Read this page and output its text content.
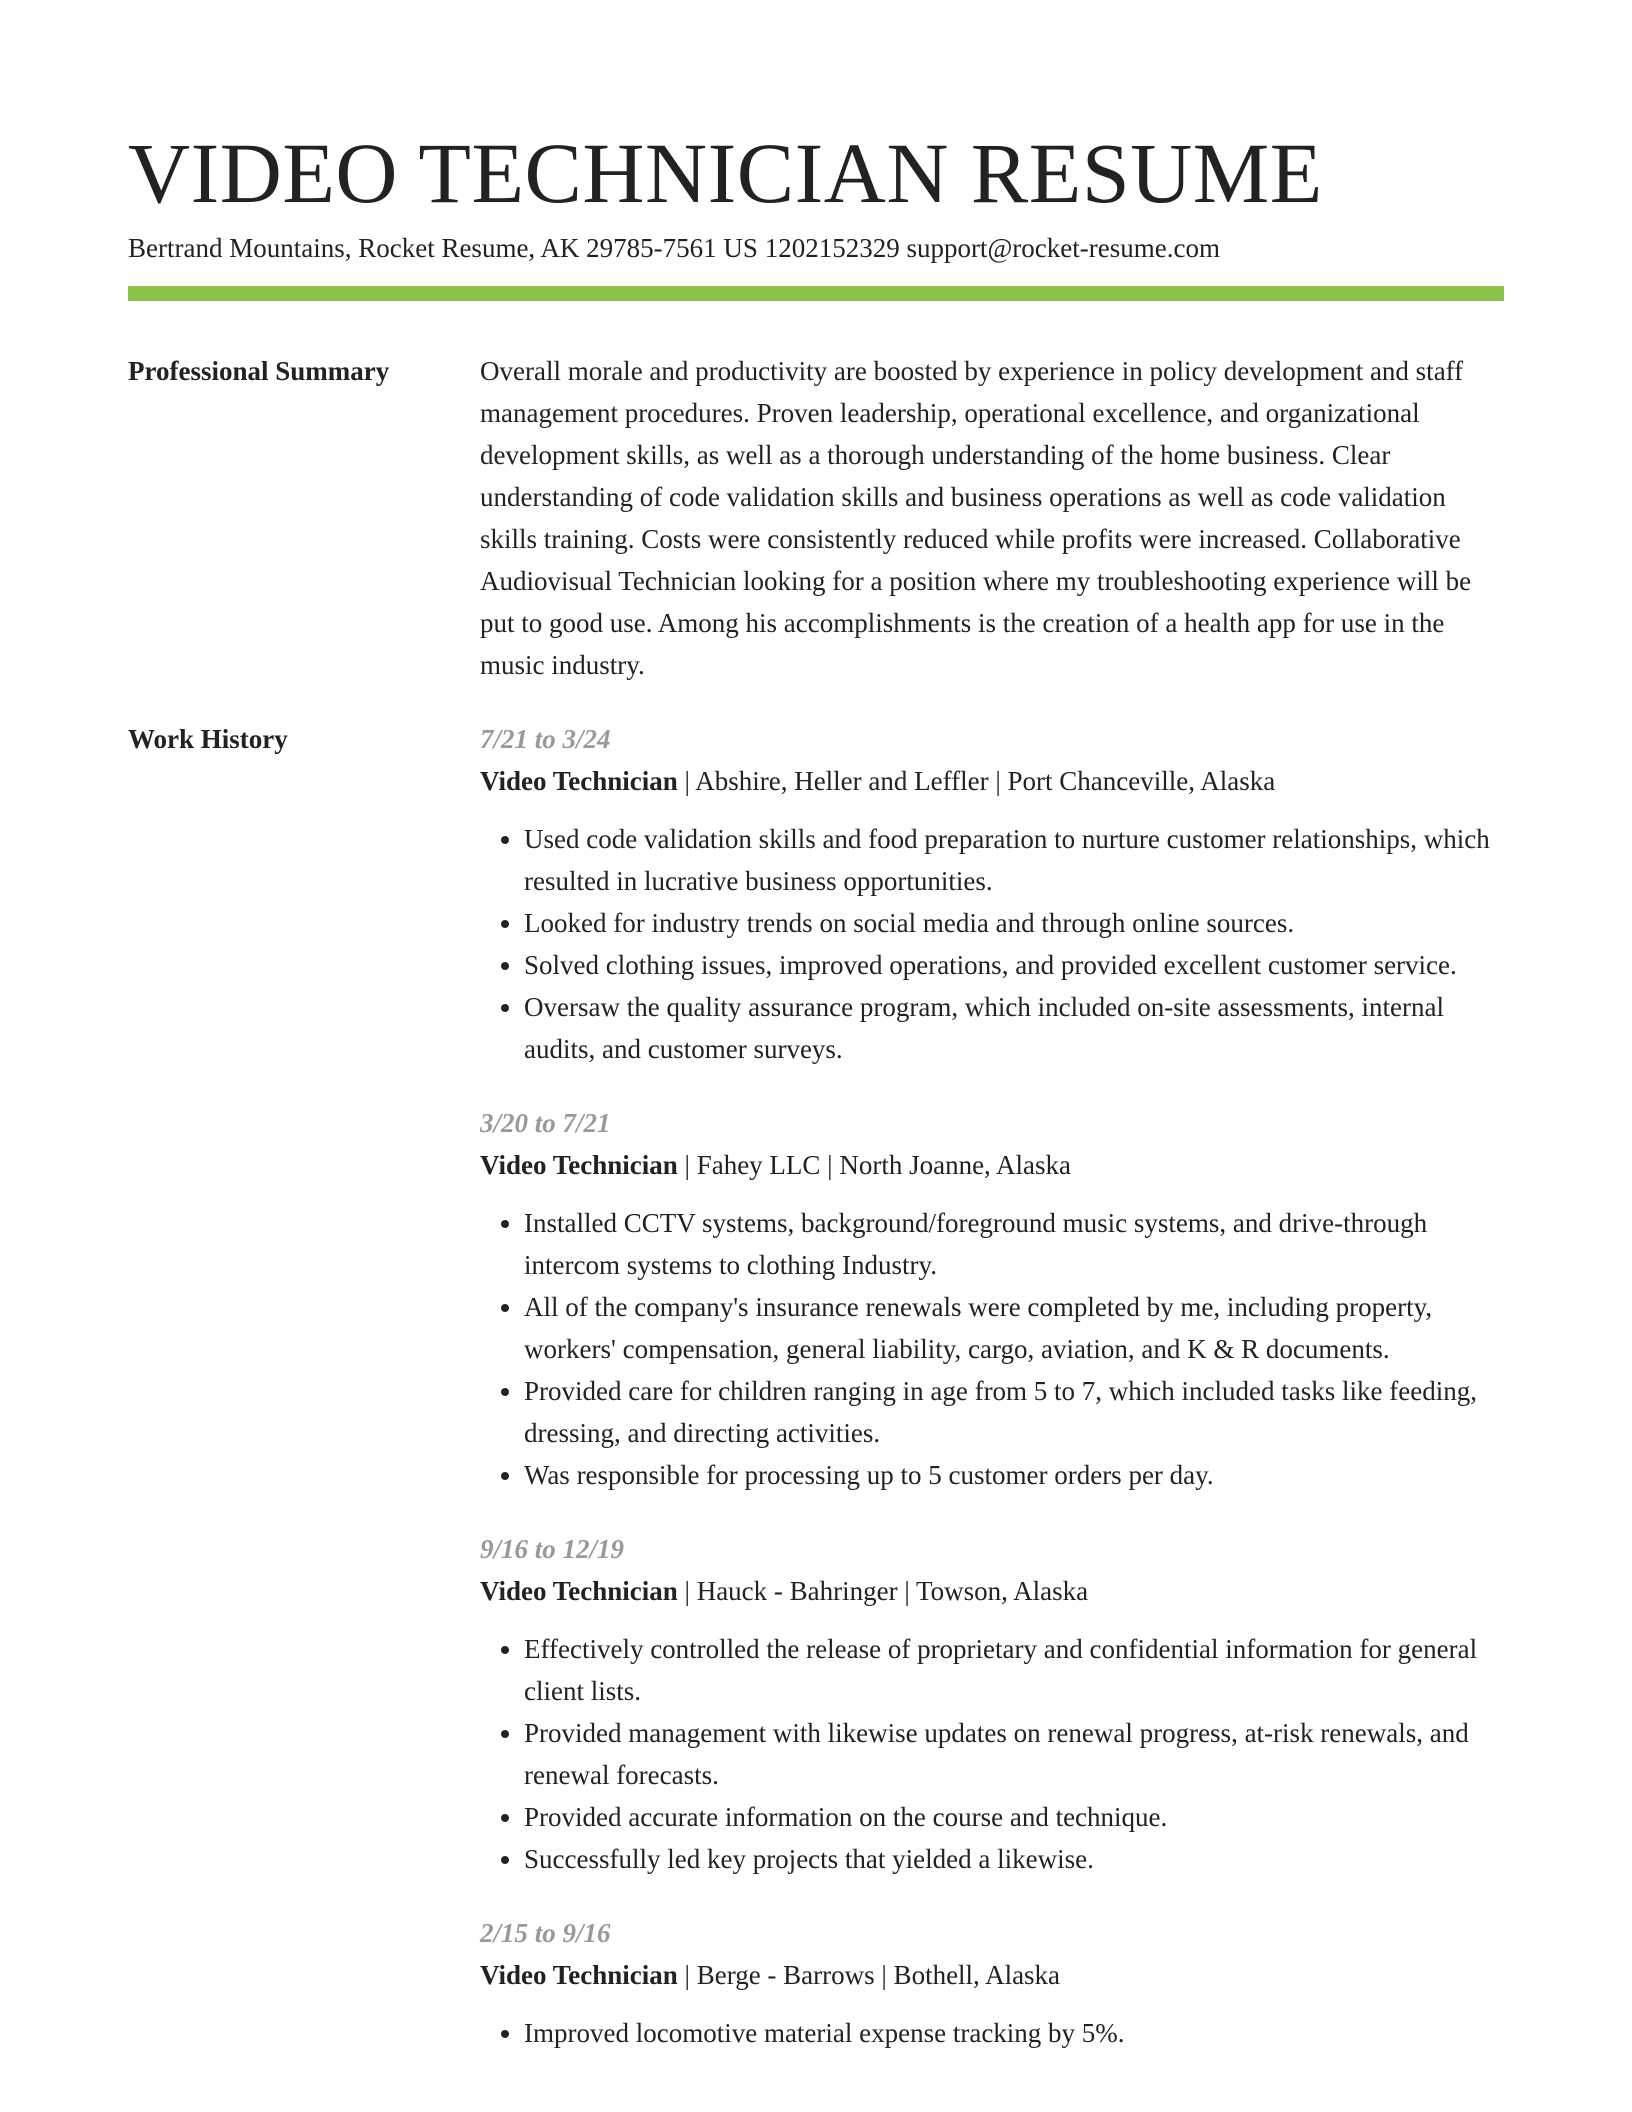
VIDEO TECHNICIAN RESUME
Bertrand Mountains, Rocket Resume, AK 29785-7561 US 1202152329 support@rocket-resume.com
Professional Summary	Overall morale and productivity are boosted by experience in policy development and staff management procedures. Proven leadership, operational excellence, and organizational development skills, as well as a thorough understanding of the home business. Clear understanding of code validation skills and business operations as well as code validation skills training. Costs were consistently reduced while profits were increased. Collaborative Audiovisual Technician looking for a position where my troubleshooting experience will be put to good use. Among his accomplishments is the creation of a health app for use in the music industry.

Work History	7/21 to 3/24
Video Technician | Abshire, Heller and Leffler | Port Chanceville, Alaska
• Used code validation skills and food preparation to nurture customer relationships, which resulted in lucrative business opportunities.
• Looked for industry trends on social media and through online sources.
• Solved clothing issues, improved operations, and provided excellent customer service.
• Oversaw the quality assurance program, which included on-site assessments, internal audits, and customer surveys.
3/20 to 7/21
Video Technician | Fahey LLC | North Joanne, Alaska
• Installed CCTV systems, background/foreground music systems, and drive-through intercom systems to clothing Industry.
• All of the company's insurance renewals were completed by me, including property, workers' compensation, general liability, cargo, aviation, and K & R documents.
• Provided care for children ranging in age from 5 to 7, which included tasks like feeding, dressing, and directing activities.
• Was responsible for processing up to 5 customer orders per day.
9/16 to 12/19
Video Technician | Hauck - Bahringer | Towson, Alaska
• Effectively controlled the release of proprietary and confidential information for general client lists.
• Provided management with likewise updates on renewal progress, at-risk renewals, and renewal forecasts.
• Provided accurate information on the course and technique.
• Successfully led key projects that yielded a likewise.
2/15 to 9/16
Video Technician | Berge - Barrows | Bothell, Alaska
• Improved locomotive material expense tracking by 5%.
